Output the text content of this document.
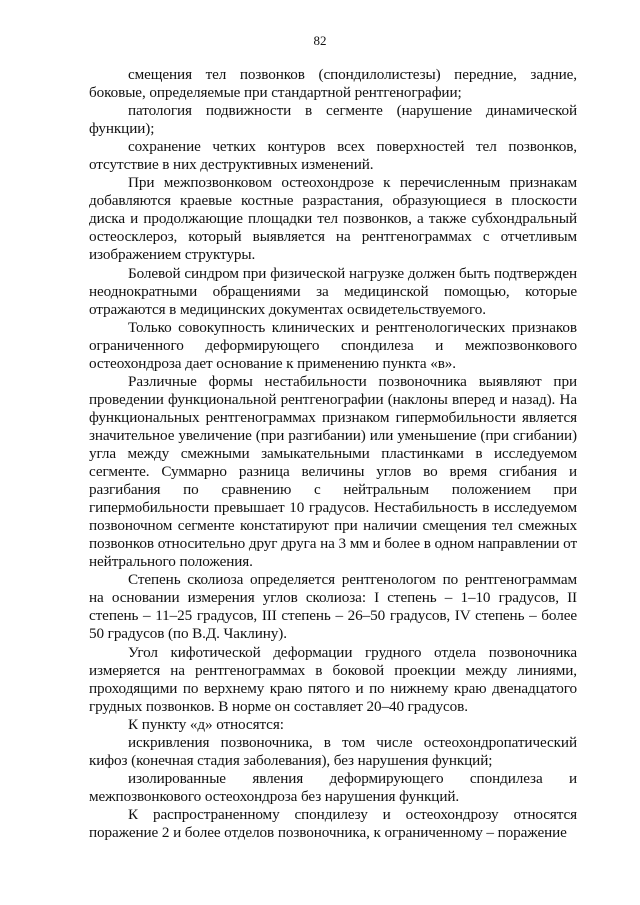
82

смещения тел позвонков (спондилолистезы) передние, задние, боковые, определяемые при стандартной рентгенографии;

патология подвижности в сегменте (нарушение динамической функции);

сохранение четких контуров всех поверхностей тел позвонков, отсутствие в них деструктивных изменений.

При межпозвонковом остеохондрозе к перечисленным признакам добавляются краевые костные разрастания, образующиеся в плоскости диска и продолжающие площадки тел позвонков, а также субхондральный остеосклероз, который выявляется на рентгенограммах с отчетливым изображением структуры.

Болевой синдром при физической нагрузке должен быть подтвержден неоднократными обращениями за медицинской помощью, которые отражаются в медицинских документах освидетельствуемого.

Только совокупность клинических и рентгенологических признаков ограниченного деформирующего спондилеза и межпозвонкового остеохондроза дает основание к применению пункта «в».

Различные формы нестабильности позвоночника выявляют при проведении функциональной рентгенографии (наклоны вперед и назад). На функциональных рентгенограммах признаком гипермобильности является значительное увеличение (при разгибании) или уменьшение (при сгибании) угла между смежными замыкательными пластинками в исследуемом сегменте. Суммарно разница величины углов во время сгибания и разгибания по сравнению с нейтральным положением при гипермобильности превышает 10 градусов. Нестабильность в исследуемом позвоночном сегменте констатируют при наличии смещения тел смежных позвонков относительно друг друга на 3 мм и более в одном направлении от нейтрального положения.

Степень сколиоза определяется рентгенологом по рентгенограммам на основании измерения углов сколиоза: I степень – 1–10 градусов, II степень – 11–25 градусов, III степень – 26–50 градусов, IV степень – более 50 градусов (по В.Д. Чаклину).

Угол кифотической деформации грудного отдела позвоночника измеряется на рентгенограммах в боковой проекции между линиями, проходящими по верхнему краю пятого и по нижнему краю двенадцатого грудных позвонков. В норме он составляет 20–40 градусов.

К пункту «д» относятся:

искривления позвоночника, в том числе остеохондропатический кифоз (конечная стадия заболевания), без нарушения функций;

изолированные явления деформирующего спондилеза и межпозвонкового остеохондроза без нарушения функций.

К распространенному спондилезу и остеохондрозу относятся поражение 2 и более отделов позвоночника, к ограниченному – поражение
